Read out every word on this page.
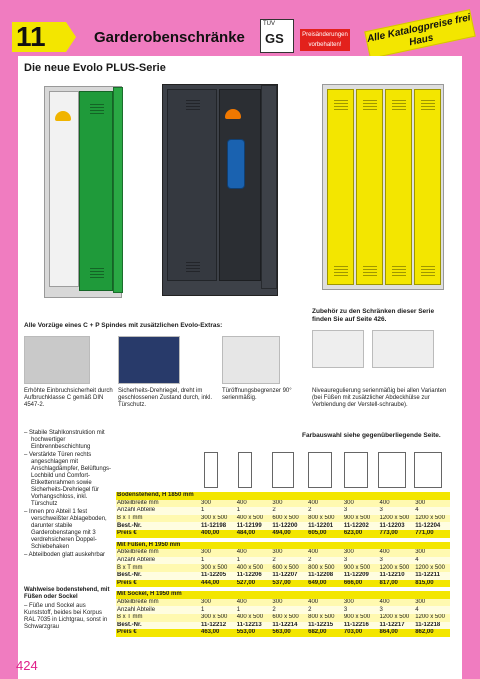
11	Garderobenschränke
TÜV
GS	Preisänderungen vorbehalten!
Alle Katalogpreise frei Haus
Die neue Evolo PLUS-Serie
Zubehör zu den Schränken dieser Serie finden Sie auf Seite 426.
Alle Vorzüge eines C + P Spindes mit zusätzlichen Evolo-Extras:
Erhöhte Einbruchsicherheit durch Aufbruchklasse C gemäß DIN 4547-2.
Sicherheits-Drehriegel, dreht im geschlossenen Zustand durch, inkl. Türschutz.
Türöffnungsbegrenzer 90° serienmäßig.
Niveauregulierung serienmäßig bei allen Varianten (bei Füßen mit zusätzlicher Abdeckhülse zur Verblendung der Verstell-schraube).
– Stabile Stahlkonstruktion mit hochwertiger Einbrennbeschichtung
– Verstärkte Türen rechts angeschlagen mit Anschlagdämpfer, Belüftungs-Lochbild und Comfort-Etikettenrahmen sowie Sicherheits-Drehriegel für Vorhangschloss, inkl. Türschutz
– Innen pro Abteil 1 fest verschweißter Ablageboden, darunter stabile Garderobenstange mit 3 verdrehsicheren Doppel-Schiebehaken
– Abteilboden glatt auskehrbar
Wahlweise bodenstehend, mit Füßen oder Sockel
– Füße und Sockel aus Kunststoff, beides bei Korpus RAL 7035 in Lichtgrau, sonst in Schwarzgrau
Farbauswahl siehe gegenüberliegende Seite.
Bodenstehend, H 1850 mm							
Abteilbreite mm	300	400	300	400	300	400	300
Anzahl Abteile	1	1	2	2	3	3	4
B x T mm	300 x 500	400 x 500	600 x 500	800 x 500	900 x 500	1200 x 500	1200 x 500
Best.-Nr.	11-12198	11-12199	11-12200	11-12201	11-12202	11-12203	11-12204
Preis €	400,00	484,00	494,00	605,00	623,00	773,00	771,00

Mit Füßen, H 1950 mm							
Abteilbreite mm	300	400	300	400	300	400	300
Anzahl Abteile	1	1	2	2	3	3	4
B x T mm	300 x 500	400 x 500	600 x 500	800 x 500	900 x 500	1200 x 500	1200 x 500
Best.-Nr.	11-12205	11-12206	11-12207	11-12208	11-12209	11-12210	11-12211
Preis €	444,00	527,00	537,00	649,00	666,00	817,00	815,00

Mit Sockel, H 1950 mm							
Abteilbreite mm	300	400	300	400	300	400	300
Anzahl Abteile	1	1	2	2	3	3	4
B x T mm	300 x 500	400 x 500	600 x 500	800 x 500	900 x 500	1200 x 500	1200 x 500
Best.-Nr.	11-12212	11-12213	11-12214	11-12215	11-12216	11-12217	11-12218
Preis €	463,00	553,00	563,00	682,00	703,00	864,00	862,00
424
